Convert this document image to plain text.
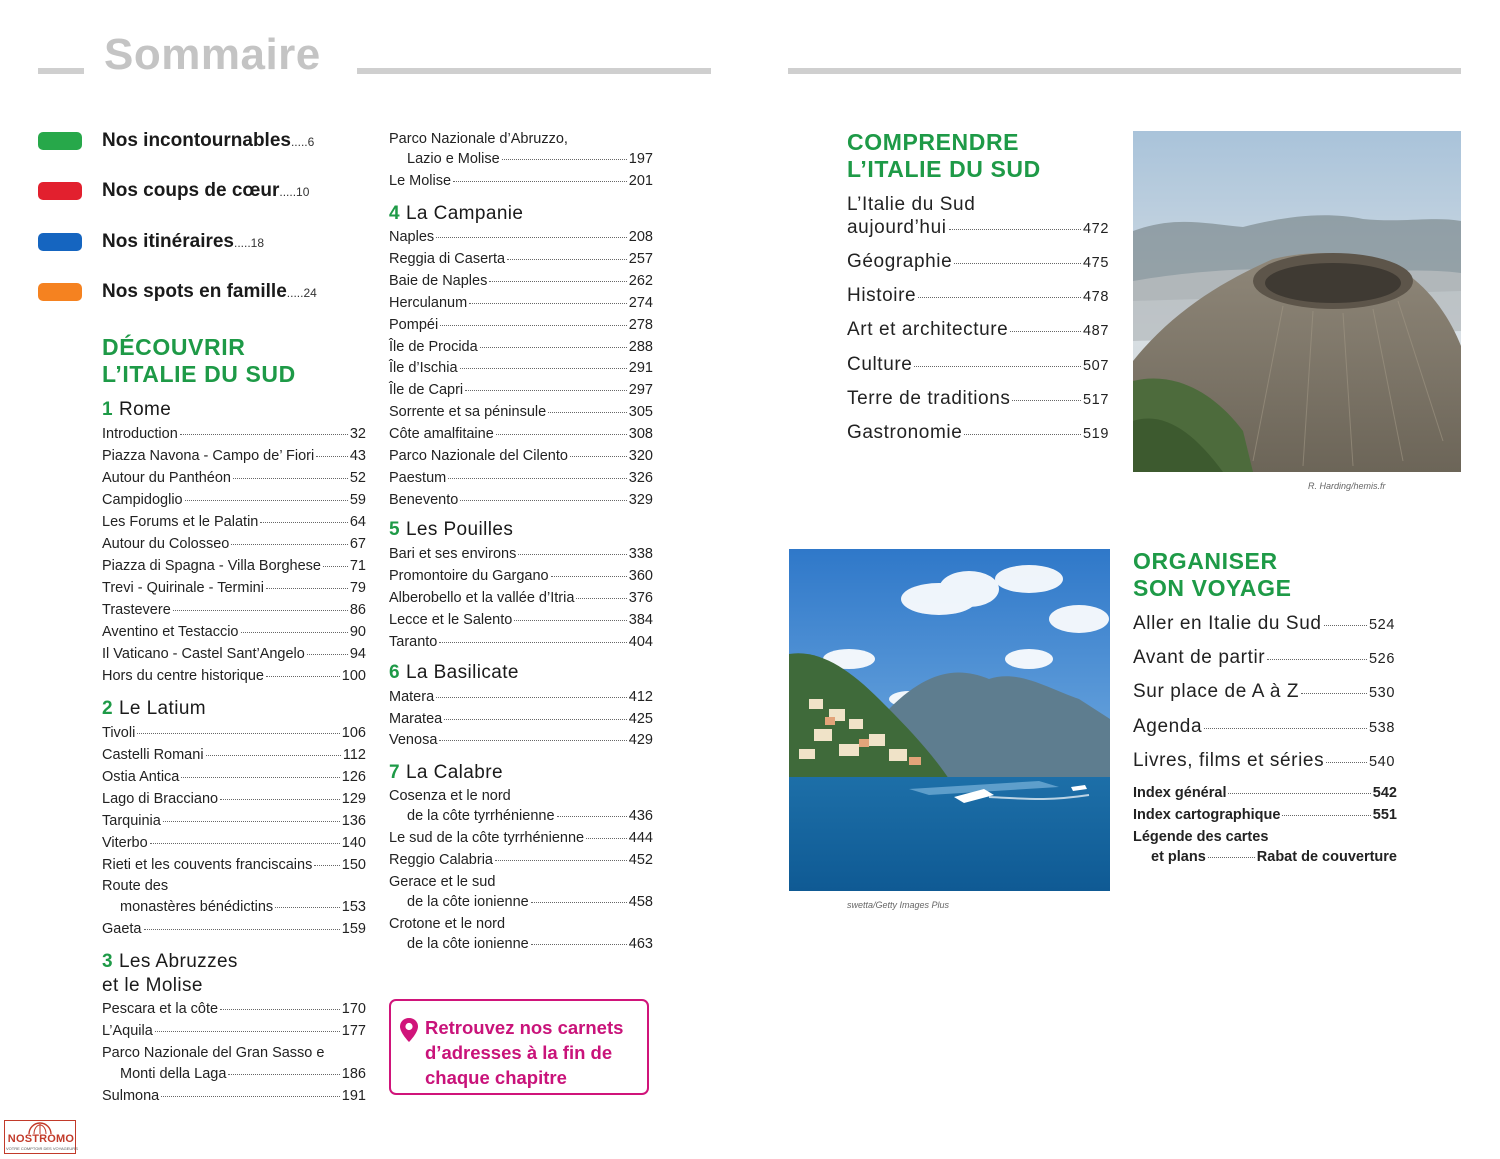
Sommaire
Nos incontournables.....6
Nos coups de cœur.....10
Nos itinéraires.....18
Nos spots en famille.....24
DÉCOUVRIR
L’ITALIE DU SUD
1 Rome
Introduction	32
Piazza Navona - Campo de’ Fiori 43
Autour du Panthéon	52
Campidoglio	59
Les Forums et le Palatin	64
Autour du Colosseo	67
Piazza di Spagna - Villa Borghese 71
Trevi - Quirinale - Termini	79
Trastevere	86
Aventino et Testaccio	90
Il Vaticano - Castel Sant’Angelo	94
Hors du centre historique	100
2 Le Latium
Tivoli	106
Castelli Romani	112
Ostia Antica	126
Lago di Bracciano	129
Tarquinia	136
Viterbo	140
Rieti et les couvents franciscains 150
Route des
monastères bénédictins	153
Gaeta	159
3 Les Abruzzes
et le Molise
Pescara et la côte	170
L’Aquila	177
Parco Nazionale del Gran Sasso e
Monti della Laga	186
Sulmona	191
Parco Nazionale d’Abruzzo,
Lazio e Molise	197
Le Molise	201
4 La Campanie
Naples	208
Reggia di Caserta	257
Baie de Naples	262
Herculanum	274
Pompéi	278
Île de Procida	288
Île d’Ischia	291
Île de Capri	297
Sorrente et sa péninsule	305
Côte amalfitaine	308
Parco Nazionale del Cilento	320
Paestum	326
Benevento	329
5 Les Pouilles
Bari et ses environs	338
Promontoire du Gargano	360
Alberobello et la vallée d’Itria	376
Lecce et le Salento	384
Taranto	404
6 La Basilicate
Matera	412
Maratea	425
Venosa	429
7 La Calabre
Cosenza et le nord
de la côte tyrrhénienne	436
Le sud de la côte tyrrhénienne	444
Reggio Calabria	452
Gerace et le sud
de la côte ionienne	458
Crotone et le nord
de la côte ionienne	463
Retrouvez nos carnets
d’adresses à la fin de
chaque chapitre
COMPRENDRE
L’ITALIE DU SUD
L’Italie du Sud
aujourd’hui	472
Géographie	475
Histoire	478
Art et architecture	487
Culture	507
Terre de traditions	517
Gastronomie	519
R. Harding/hemis.fr
swetta/Getty Images Plus
ORGANISER
SON VOYAGE
Aller en Italie du Sud	524
Avant de partir	526
Sur place de A à Z	530
Agenda	538
Livres, films et séries	540
Index général	542
Index cartographique	551
Légende des cartes
et plans	Rabat de couverture
NOSTROMO
VOTRE COMPTOIR DES VOYAGEURS
